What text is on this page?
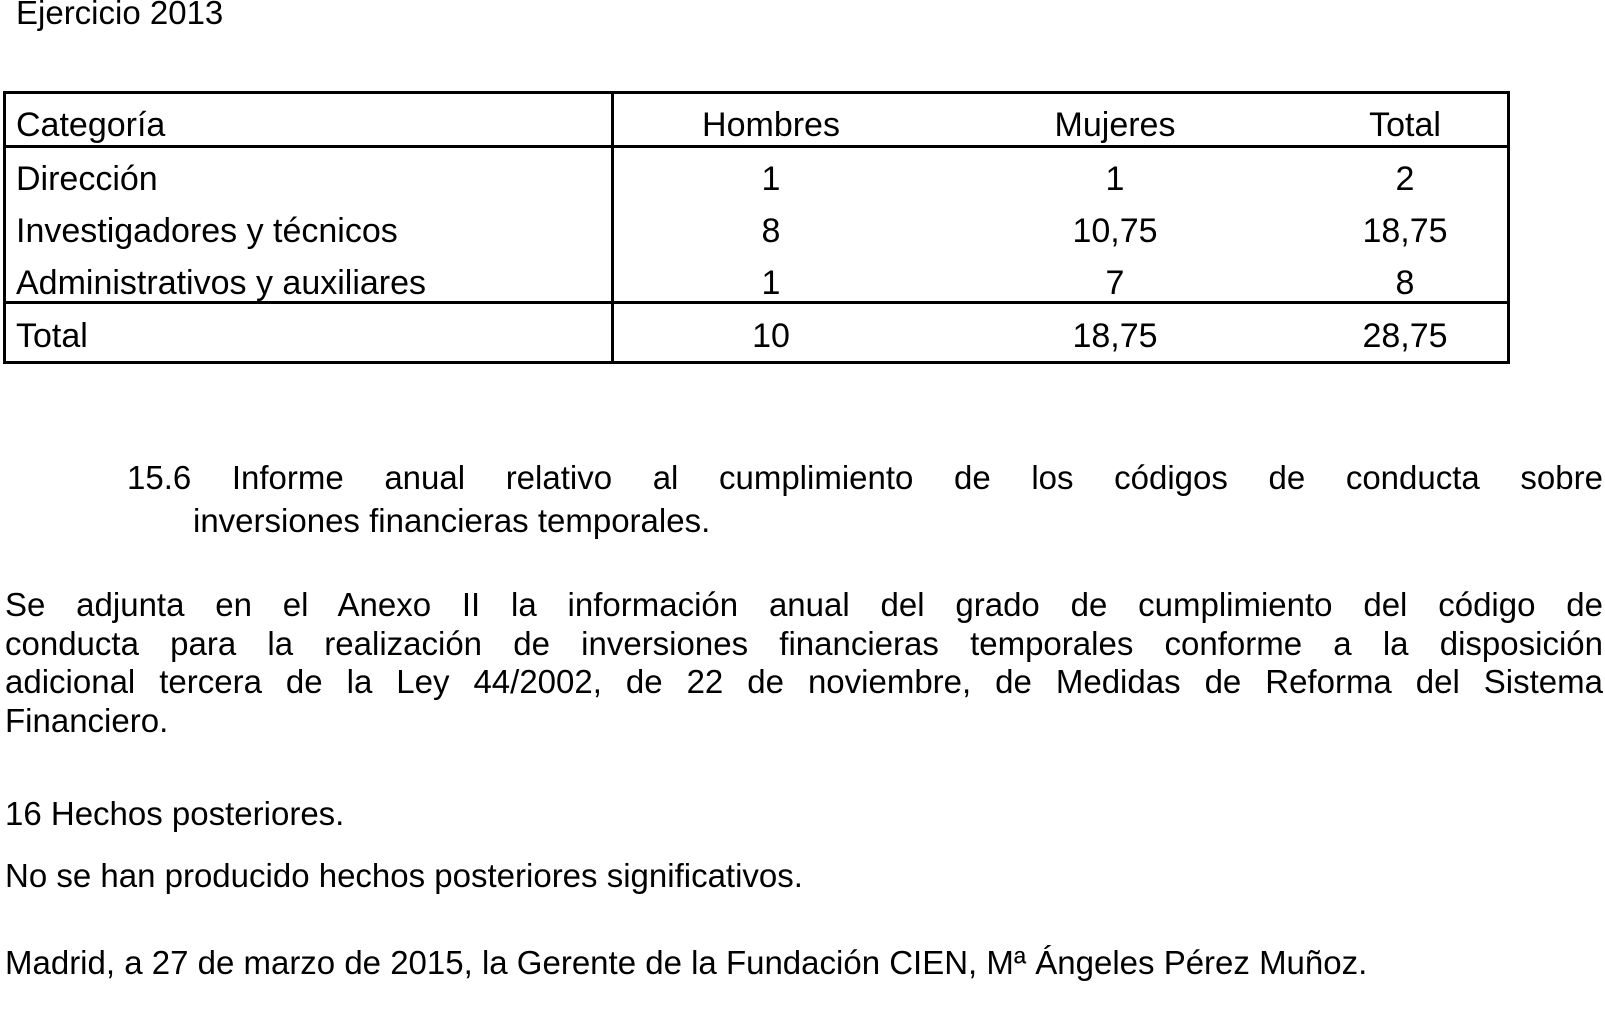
Ejercicio 2013
Categoría	Hombres	Mujeres	Total
Dirección	1	1	2
Investigadores y técnicos	8	10,75	18,75
Administrativos y auxiliares	1	7	8
Total	10	18,75	28,75
15.6 Informe anual relativo al cumplimiento de los códigos de conducta sobre
inversiones financieras temporales.
Se adjunta en el Anexo II la información anual del grado de cumplimiento del código de
conducta para la realización de inversiones financieras temporales conforme a la disposición
adicional tercera de la Ley 44/2002, de 22 de noviembre, de Medidas de Reforma del Sistema
Financiero.
16 Hechos posteriores.
No se han producido hechos posteriores significativos.
Madrid, a 27 de marzo de 2015, la Gerente de la Fundación CIEN, Mª Ángeles Pérez Muñoz.
